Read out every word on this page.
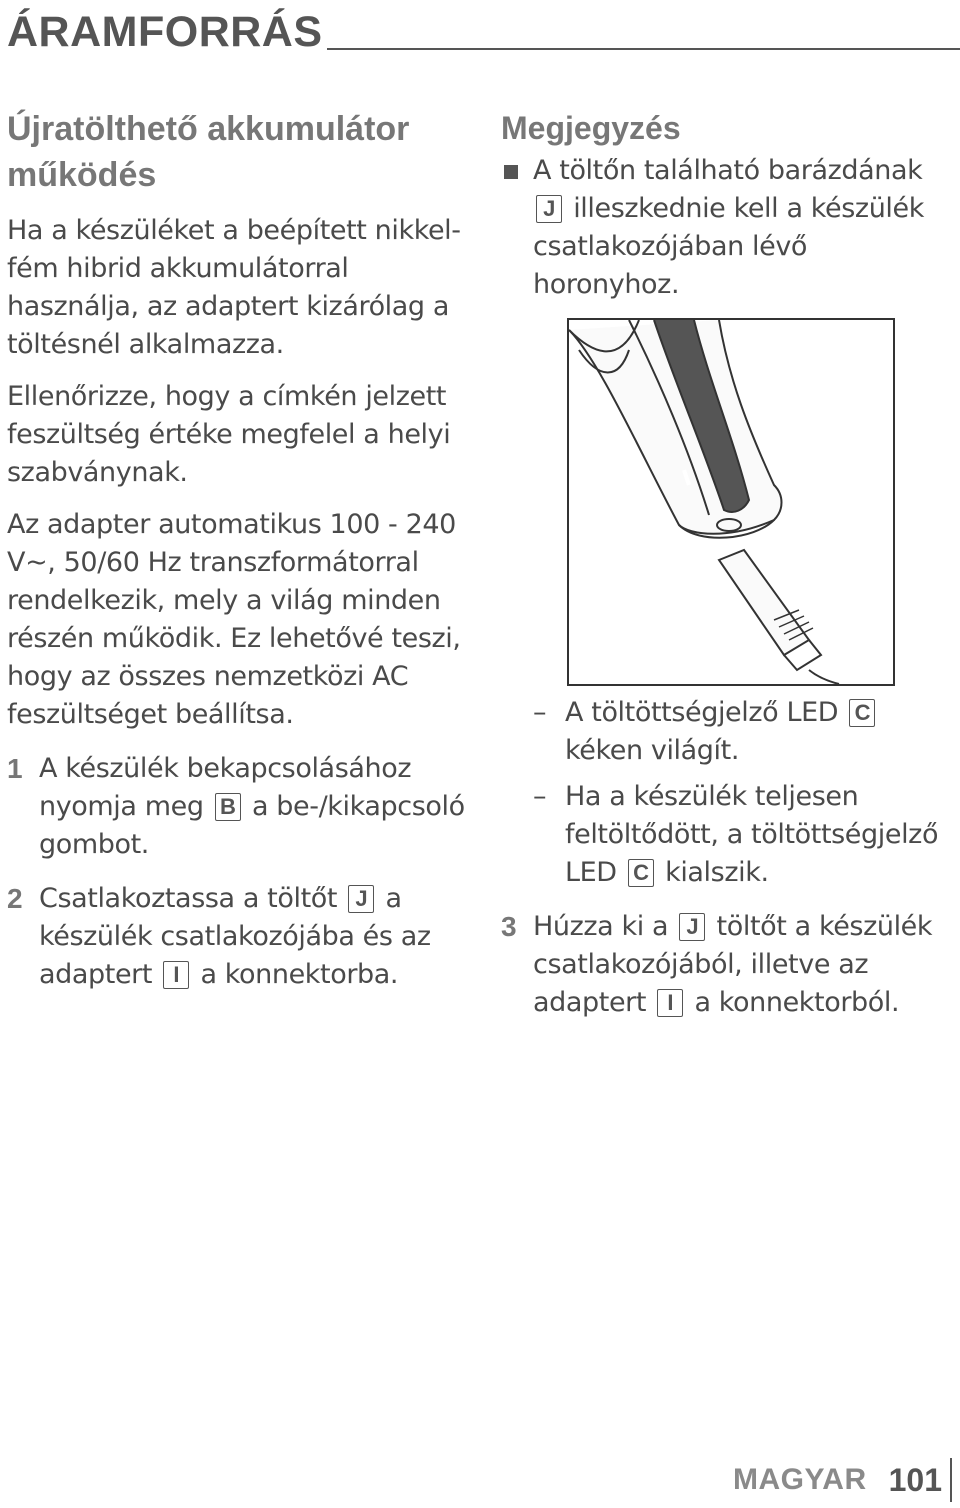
ÁRAMFORRÁS
Újratölthető akkumulátor működés

Ha a készüléket a beépített nikkel-fém hibrid akkumulátorral használja, az adaptert kizárólag a töltésnél alkalmazza.

Ellenőrizze, hogy a címkén jelzett feszültség értéke megfelel a helyi szabványnak.

Az adapter automatikus 100 - 240 V~, 50/60 Hz transzformátorral rendelkezik, mely a világ minden részén működik. Ez lehetővé teszi, hogy az összes nemzetközi AC feszültséget beállítsa.

1 A készülék bekapcsolásához nyomja meg B a be-/kikapcsoló gombot.
2 Csatlakoztassa a töltőt J a készülék csatlakozójába és az adaptert I a konnektorba.
Megjegyzés
A töltőn található barázdának J illeszkednie kell a készülék csatlakozójában lévő horonyhoz.
– A töltöttségjelző LED C kéken világít.
– Ha a készülék teljesen feltöltődött, a töltöttségjelző LED C kialszik.
3 Húzza ki a J töltőt a készülék csatlakozójából, illetve az adaptert I a konnektorból.
MAGYAR 101
